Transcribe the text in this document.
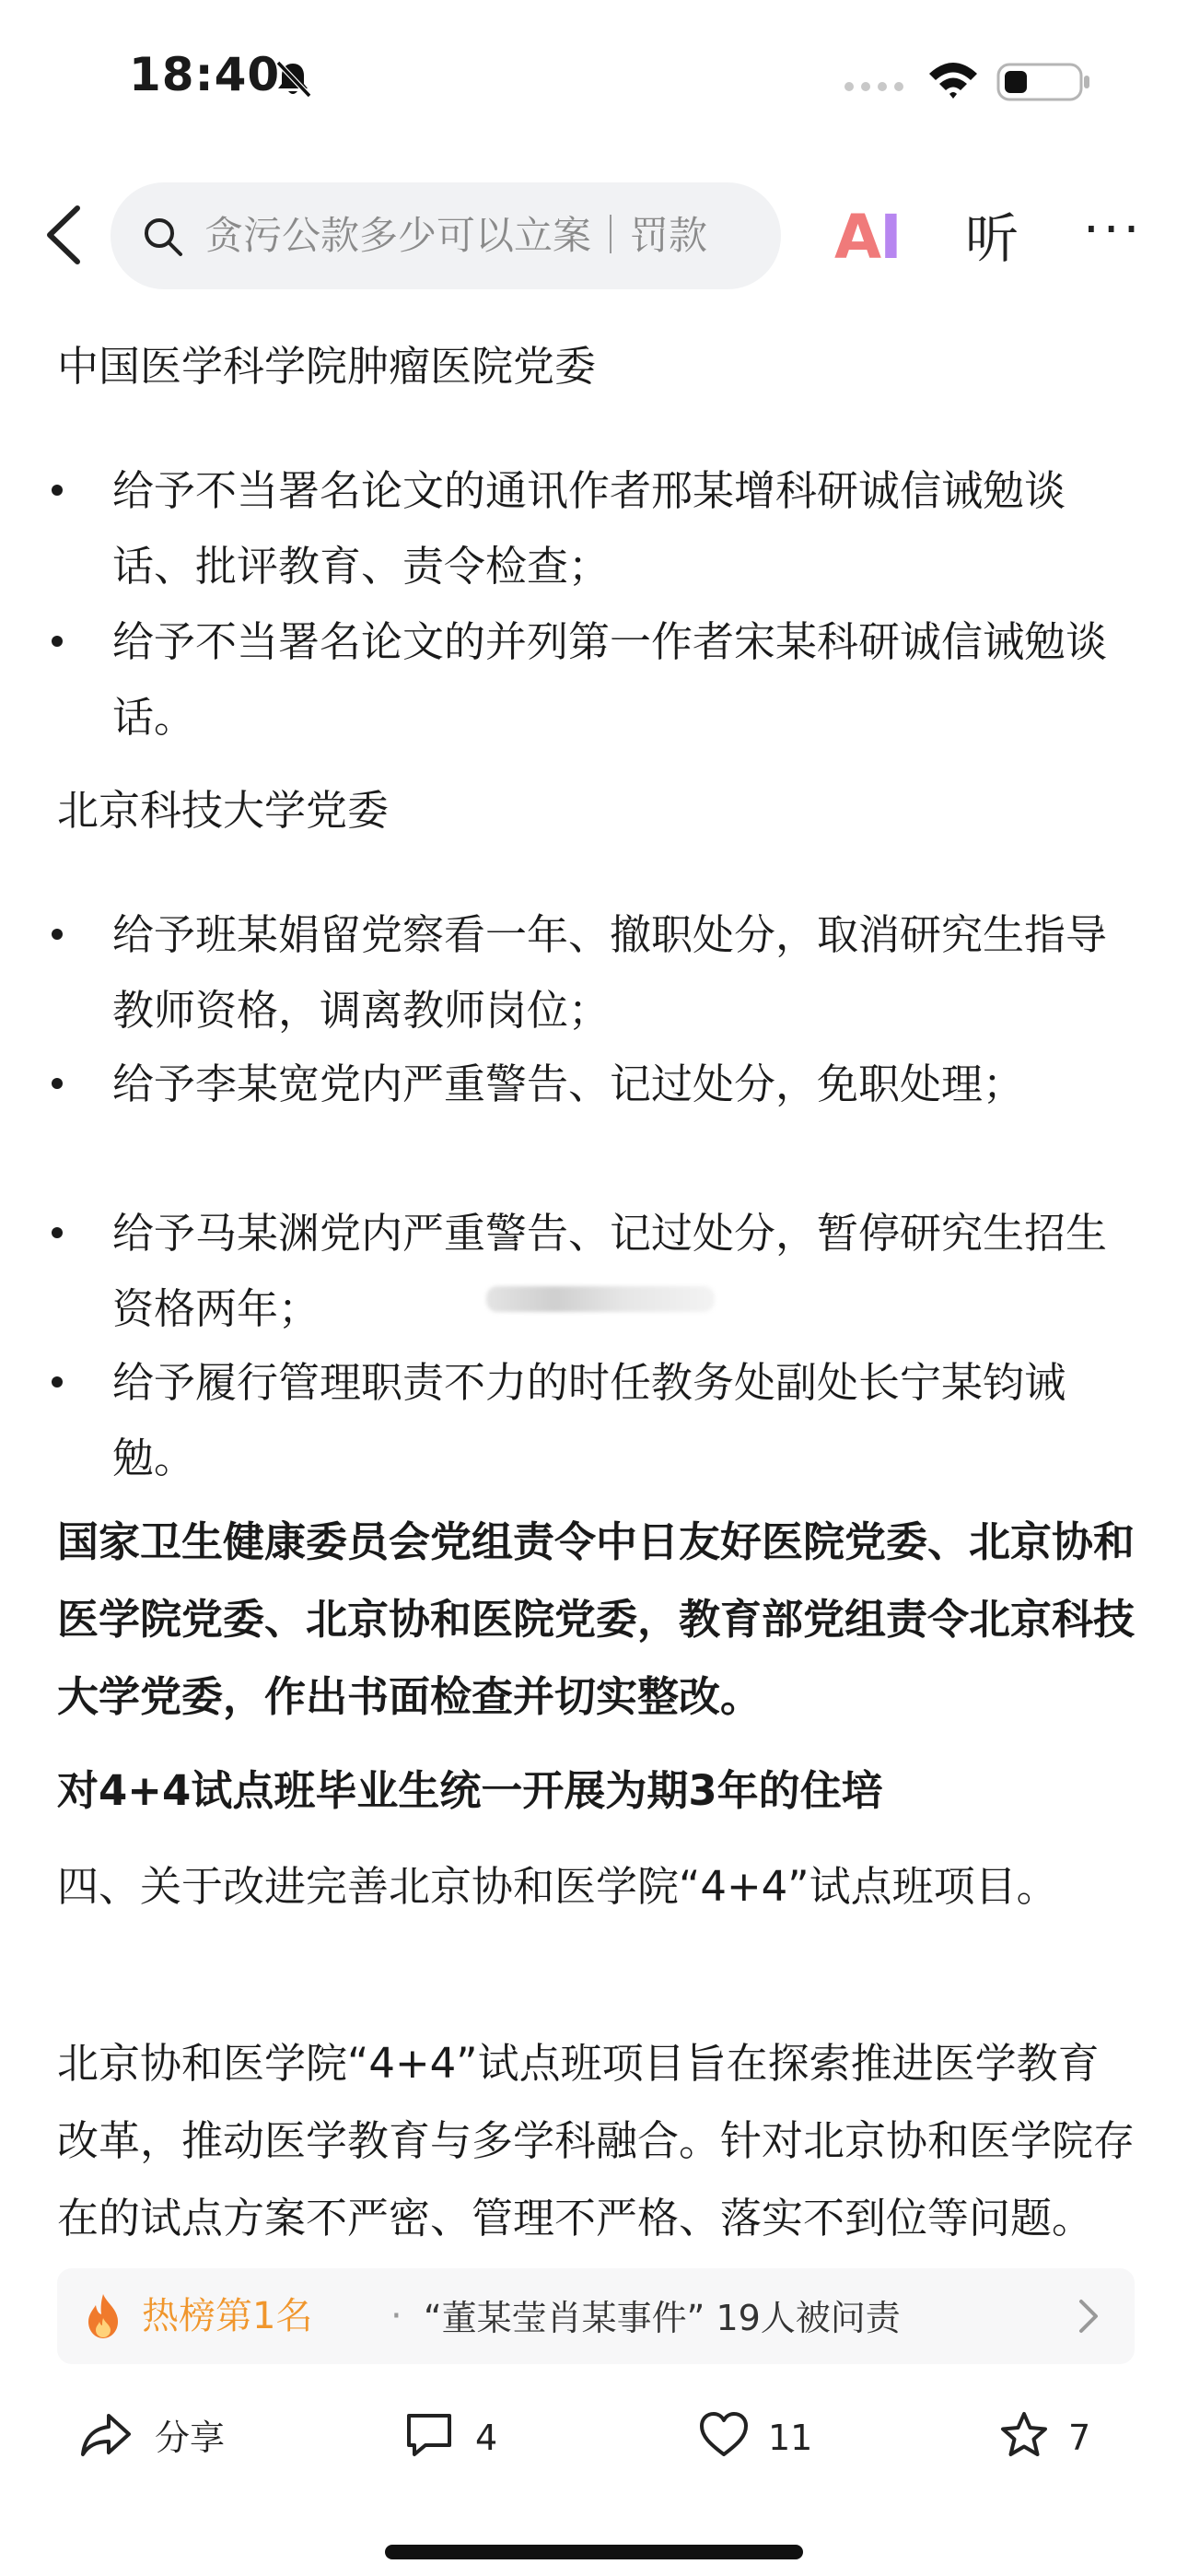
18:40
贪污公款多少可以立案｜罚款	AI 听 ···
中国医学科学院肿瘤医院党委
给予不当署名论文的通讯作者邢某增科研诚信诫勉谈话、批评教育、责令检查；
给予不当署名论文的并列第一作者宋某科研诚信诫勉谈话。
北京科技大学党委
给予班某娟留党察看一年、撤职处分，取消研究生指导教师资格，调离教师岗位；
给予李某宽党内严重警告、记过处分，免职处理；
给予马某渊党内严重警告、记过处分，暂停研究生招生资格两年；
给予履行管理职责不力的时任教务处副处长宁某钧诫勉。
国家卫生健康委员会党组责令中日友好医院党委、北京协和医学院党委、北京协和医院党委，教育部党组责令北京科技大学党委，作出书面检查并切实整改。
对4+4试点班毕业生统一开展为期3年的住培
四、关于改进完善北京协和医学院“4+4”试点班项目。
北京协和医学院“4+4”试点班项目旨在探索推进医学教育改革，推动医学教育与多学科融合。针对北京协和医学院存在的试点方案不严密、管理不严格、落实不到位等问题。
热榜第1名 · “董某莹肖某事件” 19人被问责
分享	4	11	7
